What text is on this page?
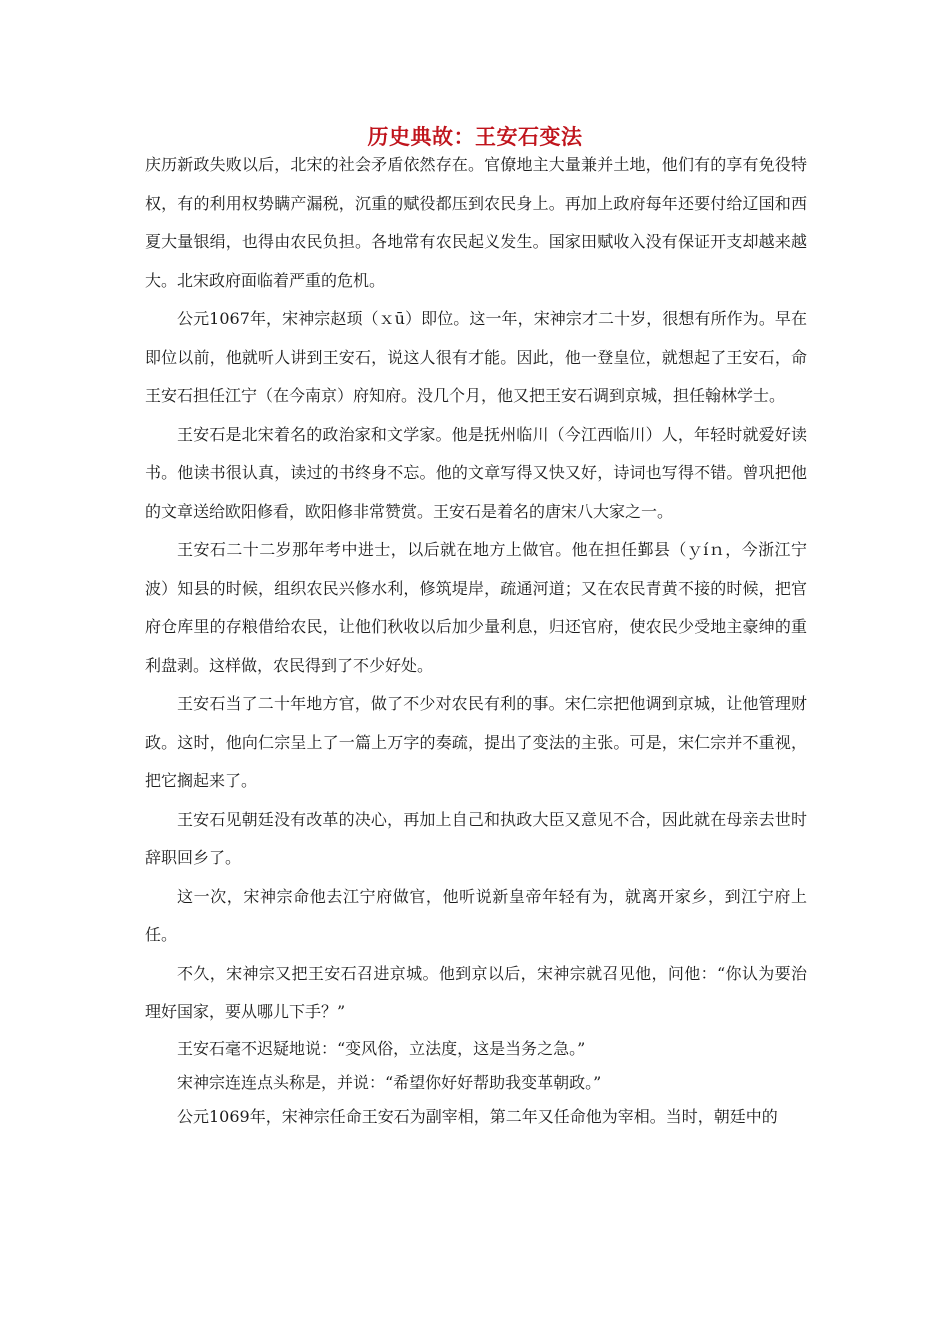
历史典故：王安石变法

庆历新政失败以后，北宋的社会矛盾依然存在。官僚地主大量兼并土地，他们有的享有免役特权，有的利用权势瞒产漏税，沉重的赋役都压到农民身上。再加上政府每年还要付给辽国和西夏大量银绢，也得由农民负担。各地常有农民起义发生。国家田赋收入没有保证开支却越来越大。北宋政府面临着严重的危机。

公元1067年，宋神宗赵顼（ｘū）即位。这一年，宋神宗才二十岁，很想有所作为。早在即位以前，他就听人讲到王安石，说这人很有才能。因此，他一登皇位，就想起了王安石，命王安石担任江宁（在今南京）府知府。没几个月，他又把王安石调到京城，担任翰林学士。

王安石是北宋着名的政治家和文学家。他是抚州临川（今江西临川）人，年轻时就爱好读书。他读书很认真，读过的书终身不忘。他的文章写得又快又好，诗词也写得不错。曾巩把他的文章送给欧阳修看，欧阳修非常赞赏。王安石是着名的唐宋八大家之一。

王安石二十二岁那年考中进士，以后就在地方上做官。他在担任鄞县（ｙíｎ，今浙江宁波）知县的时候，组织农民兴修水利，修筑堤岸，疏通河道；又在农民青黄不接的时候，把官府仓库里的存粮借给农民，让他们秋收以后加少量利息，归还官府，使农民少受地主豪绅的重利盘剥。这样做，农民得到了不少好处。

王安石当了二十年地方官，做了不少对农民有利的事。宋仁宗把他调到京城，让他管理财政。这时，他向仁宗呈上了一篇上万字的奏疏，提出了变法的主张。可是，宋仁宗并不重视，把它搁起来了。

王安石见朝廷没有改革的决心，再加上自己和执政大臣又意见不合，因此就在母亲去世时辞职回乡了。

这一次，宋神宗命他去江宁府做官，他听说新皇帝年轻有为，就离开家乡，到江宁府上任。

不久，宋神宗又把王安石召进京城。他到京以后，宋神宗就召见他，问他：“你认为要治理好国家，要从哪儿下手？”

王安石毫不迟疑地说：“变风俗，立法度，这是当务之急。”

宋神宗连连点头称是，并说：“希望你好好帮助我变革朝政。”

公元1069年，宋神宗任命王安石为副宰相，第二年又任命他为宰相。当时，朝廷中的
